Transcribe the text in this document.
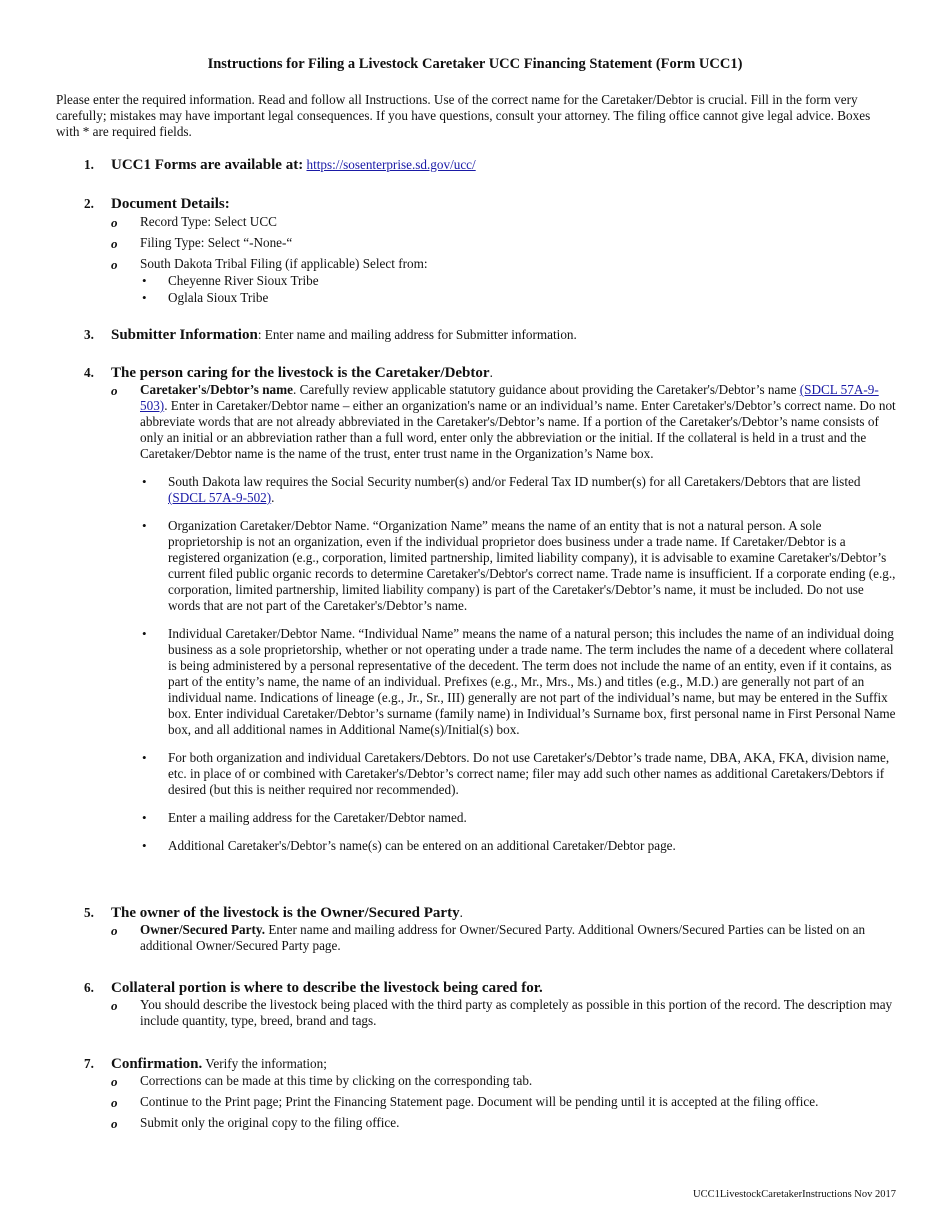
Instructions for Filing a Livestock Caretaker UCC Financing Statement (Form UCC1)

Please enter the required information. Read and follow all Instructions. Use of the correct name for the Caretaker/Debtor is crucial. Fill in the form very carefully; mistakes may have important legal consequences. If you have questions, consult your attorney. The filing office cannot give legal advice. Boxes with * are required fields.

1. UCC1 Forms are available at: https://sosenterprise.sd.gov/ucc/
2. Document Details:
o Record Type: Select UCC
o Filing Type: Select “-None-“
o South Dakota Tribal Filing (if applicable) Select from:
• Cheyenne River Sioux Tribe
• Oglala Sioux Tribe
3. Submitter Information: Enter name and mailing address for Submitter information.
4. The person caring for the livestock is the Caretaker/Debtor.
o Caretaker's/Debtor’s name. Carefully review applicable statutory guidance about providing the Caretaker's/Debtor’s name (SDCL 57A-9-503). Enter in Caretaker/Debtor name – either an organization's name or an individual’s name. Enter Caretaker's/Debtor’s correct name. Do not abbreviate words that are not already abbreviated in the Caretaker's/Debtor’s name. If a portion of the Caretaker's/Debtor’s name consists of only an initial or an abbreviation rather than a full word, enter only the abbreviation or the initial. If the collateral is held in a trust and the Caretaker/Debtor name is the name of the trust, enter trust name in the Organization’s Name box.
• South Dakota law requires the Social Security number(s) and/or Federal Tax ID number(s) for all Caretakers/Debtors that are listed (SDCL 57A-9-502).
• Organization Caretaker/Debtor Name. “Organization Name” means the name of an entity that is not a natural person. A sole proprietorship is not an organization, even if the individual proprietor does business under a trade name. If Caretaker/Debtor is a registered organization (e.g., corporation, limited partnership, limited liability company), it is advisable to examine Caretaker's/Debtor’s current filed public organic records to determine Caretaker's/Debtor's correct name. Trade name is insufficient. If a corporate ending (e.g., corporation, limited partnership, limited liability company) is part of the Caretaker's/Debtor’s name, it must be included. Do not use words that are not part of the Caretaker's/Debtor’s name.
• Individual Caretaker/Debtor Name. “Individual Name” means the name of a natural person; this includes the name of an individual doing business as a sole proprietorship, whether or not operating under a trade name. The term includes the name of a decedent where collateral is being administered by a personal representative of the decedent. The term does not include the name of an entity, even if it contains, as part of the entity’s name, the name of an individual. Prefixes (e.g., Mr., Mrs., Ms.) and titles (e.g., M.D.) are generally not part of an individual name. Indications of lineage (e.g., Jr., Sr., III) generally are not part of the individual’s name, but may be entered in the Suffix box. Enter individual Caretaker/Debtor’s surname (family name) in Individual’s Surname box, first personal name in First Personal Name box, and all additional names in Additional Name(s)/Initial(s) box.
• For both organization and individual Caretakers/Debtors. Do not use Caretaker's/Debtor’s trade name, DBA, AKA, FKA, division name, etc. in place of or combined with Caretaker's/Debtor’s correct name; filer may add such other names as additional Caretakers/Debtors if desired (but this is neither required nor recommended).
• Enter a mailing address for the Caretaker/Debtor named.
• Additional Caretaker's/Debtor’s name(s) can be entered on an additional Caretaker/Debtor page.
5. The owner of the livestock is the Owner/Secured Party.
o Owner/Secured Party. Enter name and mailing address for Owner/Secured Party. Additional Owners/Secured Parties can be listed on an additional Owner/Secured Party page.
6. Collateral portion is where to describe the livestock being cared for.
o You should describe the livestock being placed with the third party as completely as possible in this portion of the record. The description may include quantity, type, breed, brand and tags.
7. Confirmation. Verify the information;
o Corrections can be made at this time by clicking on the corresponding tab.
o Continue to the Print page; Print the Financing Statement page. Document will be pending until it is accepted at the filing office.
o Submit only the original copy to the filing office.
UCC1LivestockCaretakerInstructions Nov 2017
